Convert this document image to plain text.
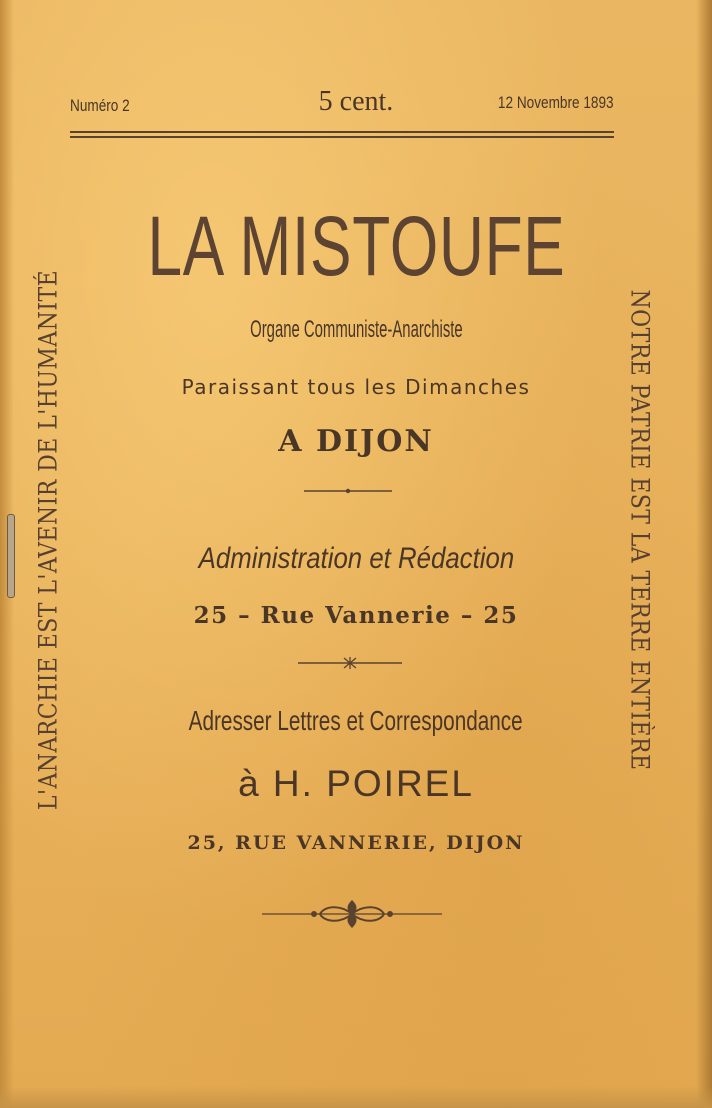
Numéro 2	5 cent.	12 Novembre 1893

LA MISTOUFE

Organe Communiste-Anarchiste

Paraissant tous les Dimanches

A DIJON

Administration et Rédaction

25 – Rue Vannerie – 25

Adresser Lettres et Correspondance

à H. POIREL

25, RUE VANNERIE, DIJON

L'ANARCHIE EST L'AVENIR DE L'HUMANITÉ	NOTRE PATRIE EST LA TERRE ENTIÈRE
